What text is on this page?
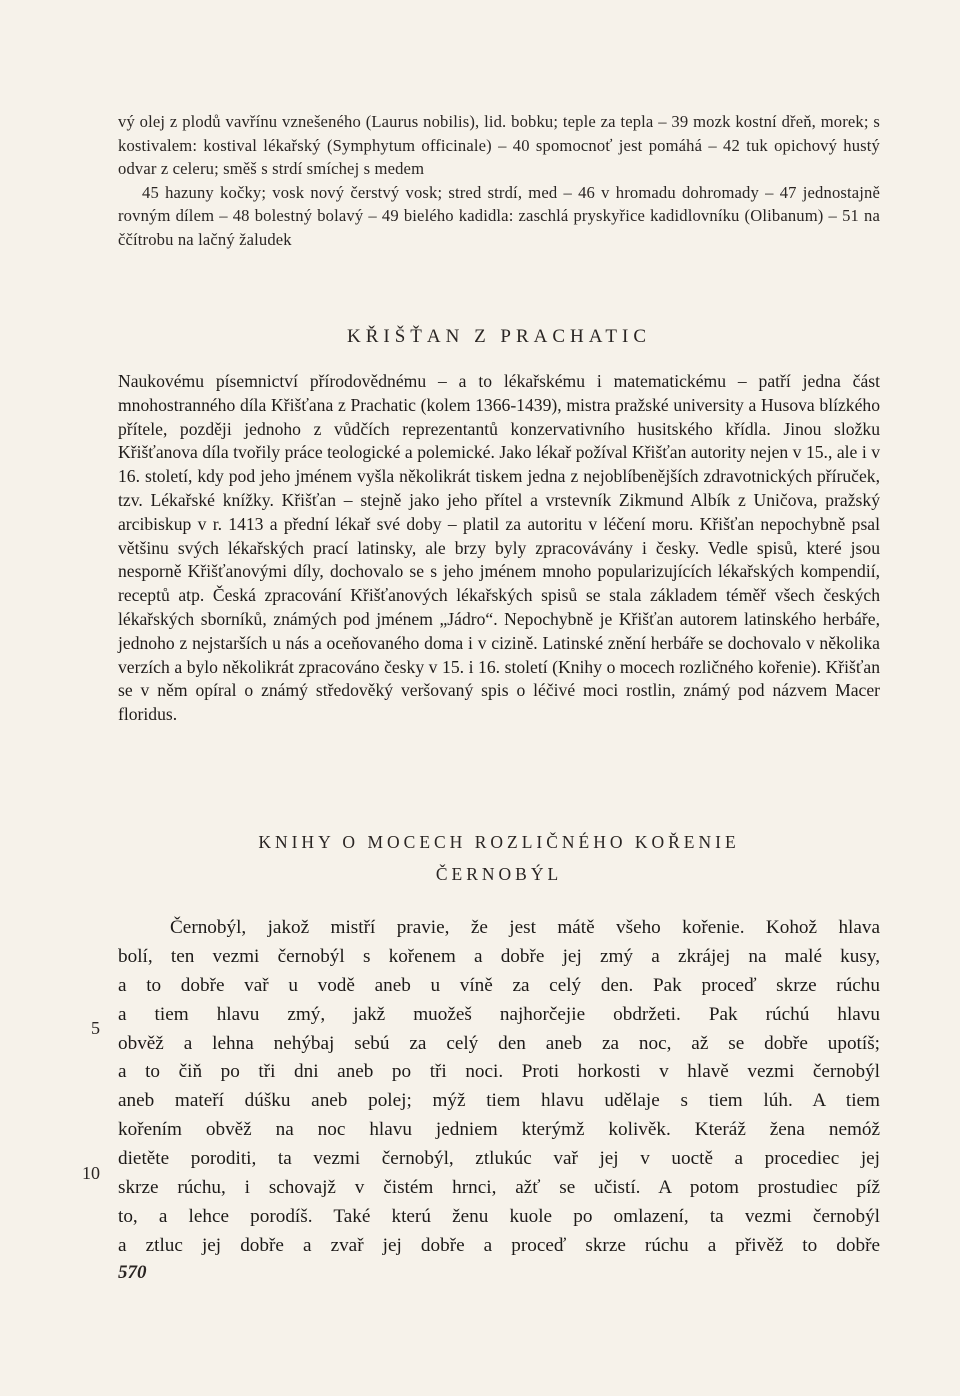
vý olej z plodů vavřínu vznešeného (Laurus nobilis), lid. bobku; teple za tepla – 39 mozk kostní dřeň, morek; s kostivalem: kostival lékařský (Symphytum officinale) – 40 spomocnoť jest pomáhá – 42 tuk opichový hustý odvar z celeru; směš s strdí smíchej s medem

45 hazuny kočky; vosk nový čerstvý vosk; stred strdí, med – 46 v hromadu dohromady – 47 jednostajně rovným dílem – 48 bolestný bolavý – 49 bielého kadidla: zaschlá pryskyřice kadidlovníku (Olibanum) – 51 na ččítrobu na lačný žaludek

KŘIŠŤAN Z PRACHATIC

Naukovému písemnictví přírodovědnému – a to lékařskému i matematickému – patří jedna část mnohostranného díla Křišťana z Prachatic (kolem 1366-1439), mistra pražské university a Husova blízkého přítele, později jednoho z vůdčích reprezentantů konzervativního husitského křídla. Jinou složku Křišťanova díla tvořily práce teologické a polemické. Jako lékař požíval Křišťan autority nejen v 15., ale i v 16. století, kdy pod jeho jménem vyšla několikrát tiskem jedna z nejoblíbenějších zdravotnických příruček, tzv. Lékařské knížky. Křišťan – stejně jako jeho přítel a vrstevník Zikmund Albík z Uničova, pražský arcibiskup v r. 1413 a přední lékař své doby – platil za autoritu v léčení moru. Křišťan nepochybně psal většinu svých lékařských prací latinsky, ale brzy byly zpracovávány i česky. Vedle spisů, které jsou nesporně Křišťanovými díly, dochovalo se s jeho jménem mnoho popularizujících lékařských kompendií, receptů atp. Česká zpracování Křišťanových lékařských spisů se stala základem téměř všech českých lékařských sborníků, známých pod jménem „Jádro“. Nepochybně je Křišťan autorem latinského herbáře, jednoho z nejstarších u nás a oceňovaného doma i v cizině. Latinské znění herbáře se dochovalo v několika verzích a bylo několikrát zpracováno česky v 15. i 16. století (Knihy o mocech rozličného kořenie). Křišťan se v něm opíral o známý středověký veršovaný spis o léčivé moci rostlin, známý pod názvem Macer floridus.

KNIHY O MOCECH ROZLIČNÉHO KOŘENIE
ČERNOBÝL
Černobýl, jakož mistří pravie, že jest mátě všeho kořenie. Kohož hlava
bolí, ten vezmi černobýl s kořenem a dobře jej zmý a zkrájej na malé kusy,
a to dobře vař u vodě aneb u víně za celý den. Pak proceď skrze rúchu
a tiem hlavu zmý, jakž muožeš najhorčejie obdržeti. Pak rúchú hlavu
obvěž a lehna nehýbaj sebú za celý den aneb za noc, až se dobře upotíš;
a to čiň po tři dni aneb po tři noci. Proti horkosti v hlavě vezmi černobýl
aneb mateří dúšku aneb polej; mýž tiem hlavu udělaje s tiem lúh. A tiem
kořením obvěž na noc hlavu jedniem kterýmž kolivěk. Kteráž žena nemóž
dietěte poroditi, ta vezmi černobýl, ztlukúc vař jej v uoctě a procediec jej
skrze rúchu, i schovajž v čistém hrnci, ažť se učistí. A potom prostudiec píž
to, a lehce porodíš. Také kterú ženu kuole po omlazení, ta vezmi černobýl
a ztluc jej dobře a zvař jej dobře a proceď skrze rúchu a přivěž to dobře
5
10
570
